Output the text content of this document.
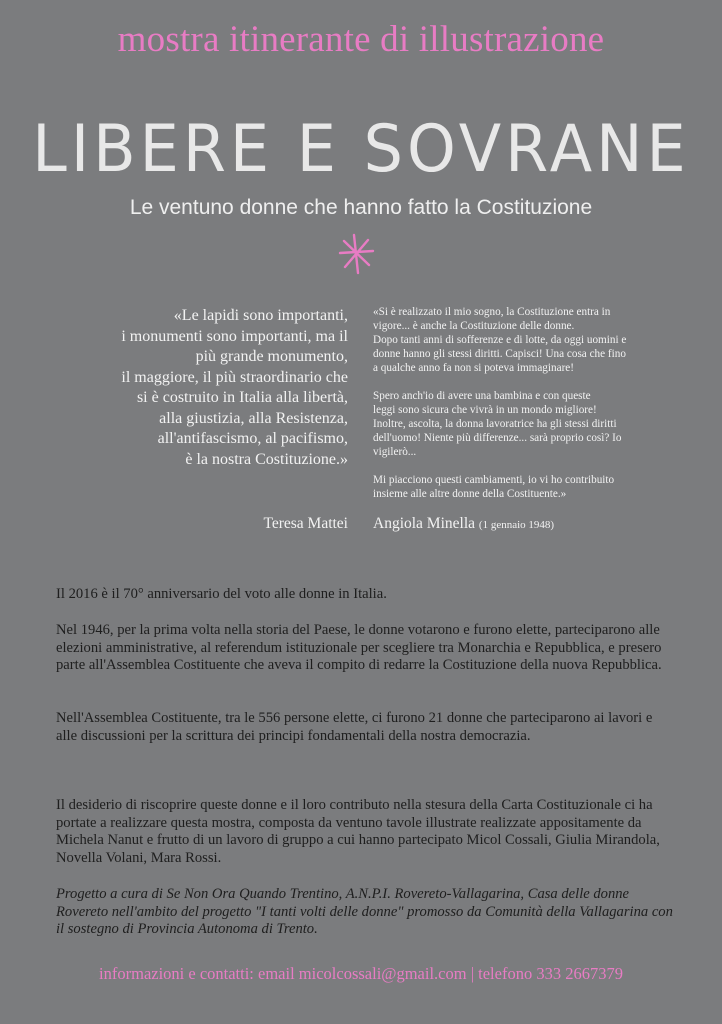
mostra itinerante di illustrazione
LIBERE E SOVRANE
Le ventuno donne che hanno fatto la Costituzione
«Le lapidi sono importanti,
i monumenti sono importanti, ma il
più grande monumento,
il maggiore, il più straordinario che
si è costruito in Italia alla libertà,
alla giustizia, alla Resistenza,
all'antifascismo, al pacifismo,
è la nostra Costituzione.»
«Si è realizzato il mio sogno, la Costituzione entra in
vigore... è anche la Costituzione delle donne.
Dopo tanti anni di sofferenze e di lotte, da oggi uomini e
donne hanno gli stessi diritti. Capisci! Una cosa che fino
a qualche anno fa non si poteva immaginare!

Spero anch'io di avere una bambina e con queste
leggi sono sicura che vivrà in un mondo migliore!
Inoltre, ascolta, la donna lavoratrice ha gli stessi diritti
dell'uomo! Niente più differenze... sarà proprio così? Io
vigilerò...

Mi piacciono questi cambiamenti, io vi ho contribuito
insieme alle altre donne della Costituente.»
Teresa Mattei Angiola Minella (1 gennaio 1948)
Il 2016 è il 70° anniversario del voto alle donne in Italia.
Nel 1946, per la prima volta nella storia del Paese, le donne votarono e furono elette, parteciparono alle elezioni amministrative, al referendum istituzionale per scegliere tra Monarchia e Repubblica, e presero parte all'Assemblea Costituente che aveva il compito di redarre la Costituzione della nuova Repubblica.
Nell'Assemblea Costituente, tra le 556 persone elette, ci furono 21 donne che parteciparono ai lavori e alle discussioni per la scrittura dei principi fondamentali della nostra democrazia.
Il desiderio di riscoprire queste donne e il loro contributo nella stesura della Carta Costituzionale ci ha portate a realizzare questa mostra, composta da ventuno tavole illustrate realizzate appositamente da Michela Nanut e frutto di un lavoro di gruppo a cui hanno partecipato Micol Cossali, Giulia Mirandola, Novella Volani, Mara Rossi.
Progetto a cura di Se Non Ora Quando Trentino, A.N.P.I. Rovereto-Vallagarina, Casa delle donne Rovereto nell'ambito del progetto "I tanti volti delle donne" promosso da Comunità della Vallagarina con il sostegno di Provincia Autonoma di Trento.
informazioni e contatti: email micolcossali@gmail.com | telefono 333 2667379
